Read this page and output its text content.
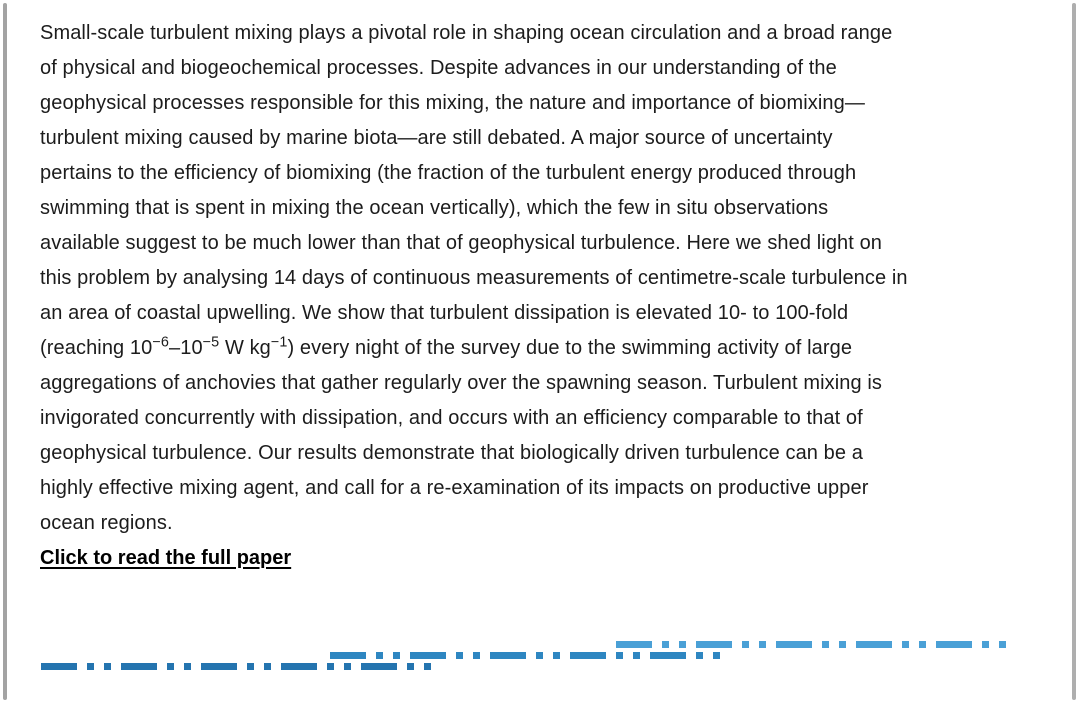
Small-scale turbulent mixing plays a pivotal role in shaping ocean circulation and a broad range
of physical and biogeochemical processes. Despite advances in our understanding of the
geophysical processes responsible for this mixing, the nature and importance of biomixing—
turbulent mixing caused by marine biota—are still debated. A major source of uncertainty
pertains to the efficiency of biomixing (the fraction of the turbulent energy produced through
swimming that is spent in mixing the ocean vertically), which the few in situ observations
available suggest to be much lower than that of geophysical turbulence. Here we shed light on
this problem by analysing 14 days of continuous measurements of centimetre-scale turbulence in
an area of coastal upwelling. We show that turbulent dissipation is elevated 10- to 100-fold
(reaching $10^{-6}-10^{-5}$ W $kg^{-1}$) every night of the survey due to the swimming activity of large
aggregations of anchovies that gather regularly over the spawning season. Turbulent mixing is
invigorated concurrently with dissipation, and occurs with an efficiency comparable to that of
geophysical turbulence. Our results demonstrate that biologically driven turbulence can be a
highly effective mixing agent, and call for a re-examination of its impacts on productive upper
ocean regions.
Click to read the full paper
